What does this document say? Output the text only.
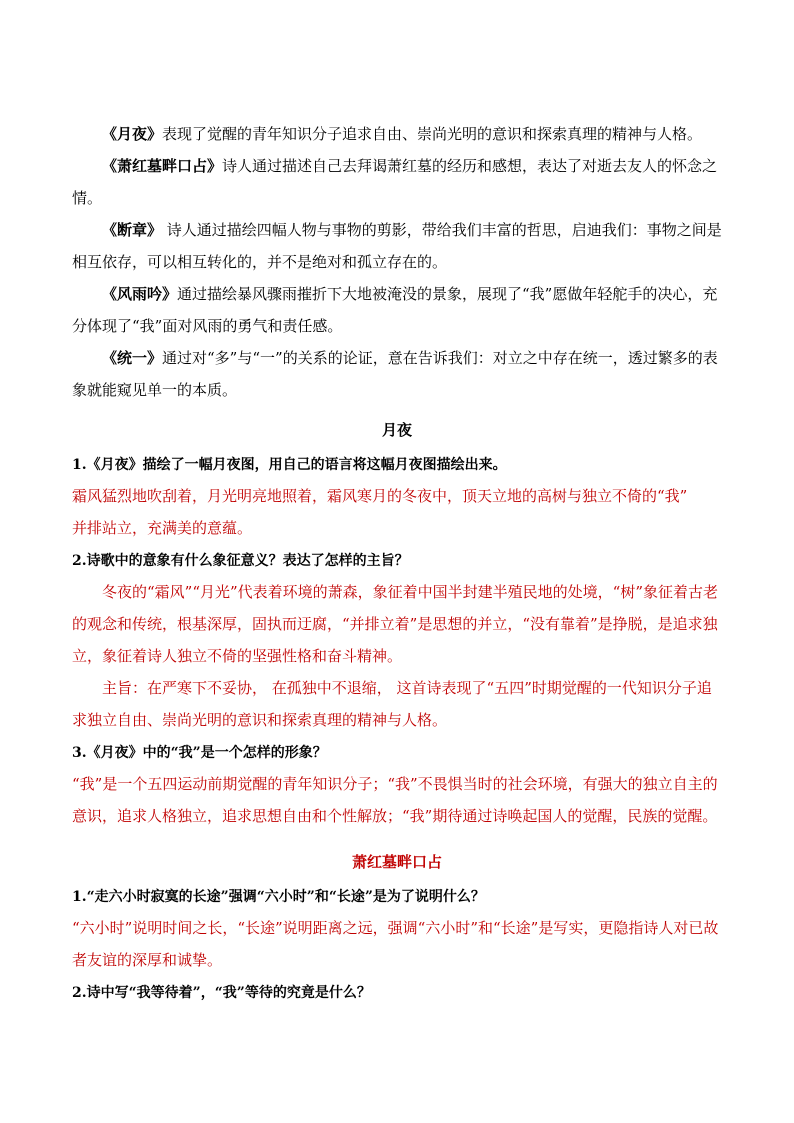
《月夜》表现了觉醒的青年知识分子追求自由、崇尚光明的意识和探索真理的精神与人格。

《萧红墓畔口占》诗人通过描述自己去拜谒萧红墓的经历和感想，表达了对逝去友人的怀念之情。

《断章》 诗人通过描绘四幅人物与事物的剪影，带给我们丰富的哲思，启迪我们：事物之间是相互依存，可以相互转化的，并不是绝对和孤立存在的。

《风雨吟》通过描绘暴风骤雨摧折下大地被淹没的景象，展现了“我”愿做年轻舵手的决心，充分体现了“我”面对风雨的勇气和责任感。

《统一》通过对“多”与“一”的关系的论证，意在告诉我们：对立之中存在统一，透过繁多的表象就能窥见单一的本质。

月夜

1.《月夜》描绘了一幅月夜图，用自己的语言将这幅月夜图描绘出来。

霜风猛烈地吹刮着，月光明亮地照着，霜风寒月的冬夜中，顶天立地的高树与独立不倚的“我”

并排站立，充满美的意蕴。

2.诗歌中的意象有什么象征意义？表达了怎样的主旨？

冬夜的“霜风”“月光”代表着环境的萧森，象征着中国半封建半殖民地的处境，“树”象征着古老的观念和传统，根基深厚，固执而迂腐，“并排立着”是思想的并立，“没有靠着”是挣脱，是追求独立，象征着诗人独立不倚的坚强性格和奋斗精神。

主旨：在严寒下不妥协， 在孤独中不退缩， 这首诗表现了“五四”时期觉醒的一代知识分子追求独立自由、崇尚光明的意识和探索真理的精神与人格。

3.《月夜》中的“我”是一个怎样的形象？

“我”是一个五四运动前期觉醒的青年知识分子；“我”不畏惧当时的社会环境，有强大的独立自主的意识，追求人格独立，追求思想自由和个性解放；“我”期待通过诗唤起国人的觉醒，民族的觉醒。

萧红墓畔口占

1.“走六小时寂寞的长途”强调“六小时”和“长途”是为了说明什么？

“六小时”说明时间之长，“长途”说明距离之远，强调“六小时”和“长途”是写实，更隐指诗人对已故者友谊的深厚和诚挚。

2.诗中写“我等待着”，“我”等待的究竟是什么？
